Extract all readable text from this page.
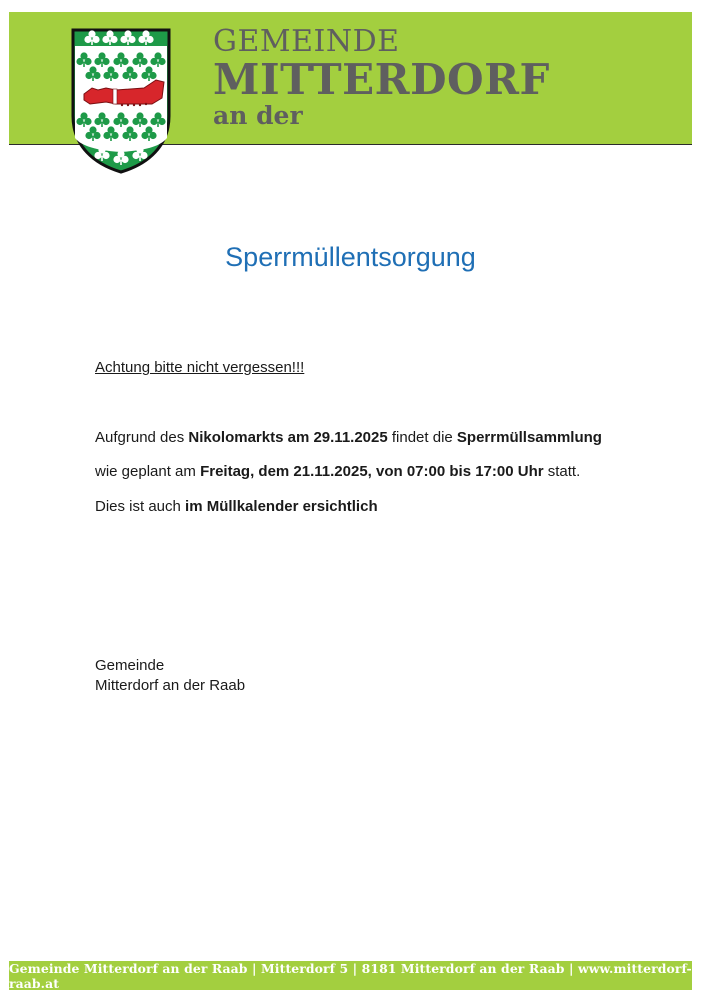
GEMEINDE
MITTERDORF
an der
Sperrmüllentsorgung
Achtung bitte nicht vergessen!!!
Aufgrund des Nikolomarkts am 29.11.2025 findet die Sperrmüllsammlung
wie geplant am Freitag, dem 21.11.2025, von 07:00 bis 17:00 Uhr statt.
Dies ist auch im Müllkalender ersichtlich
Gemeinde
Mitterdorf an der Raab
Gemeinde Mitterdorf an der Raab | Mitterdorf 5 | 8181 Mitterdorf an der Raab | www.mitterdorf-raab.at
